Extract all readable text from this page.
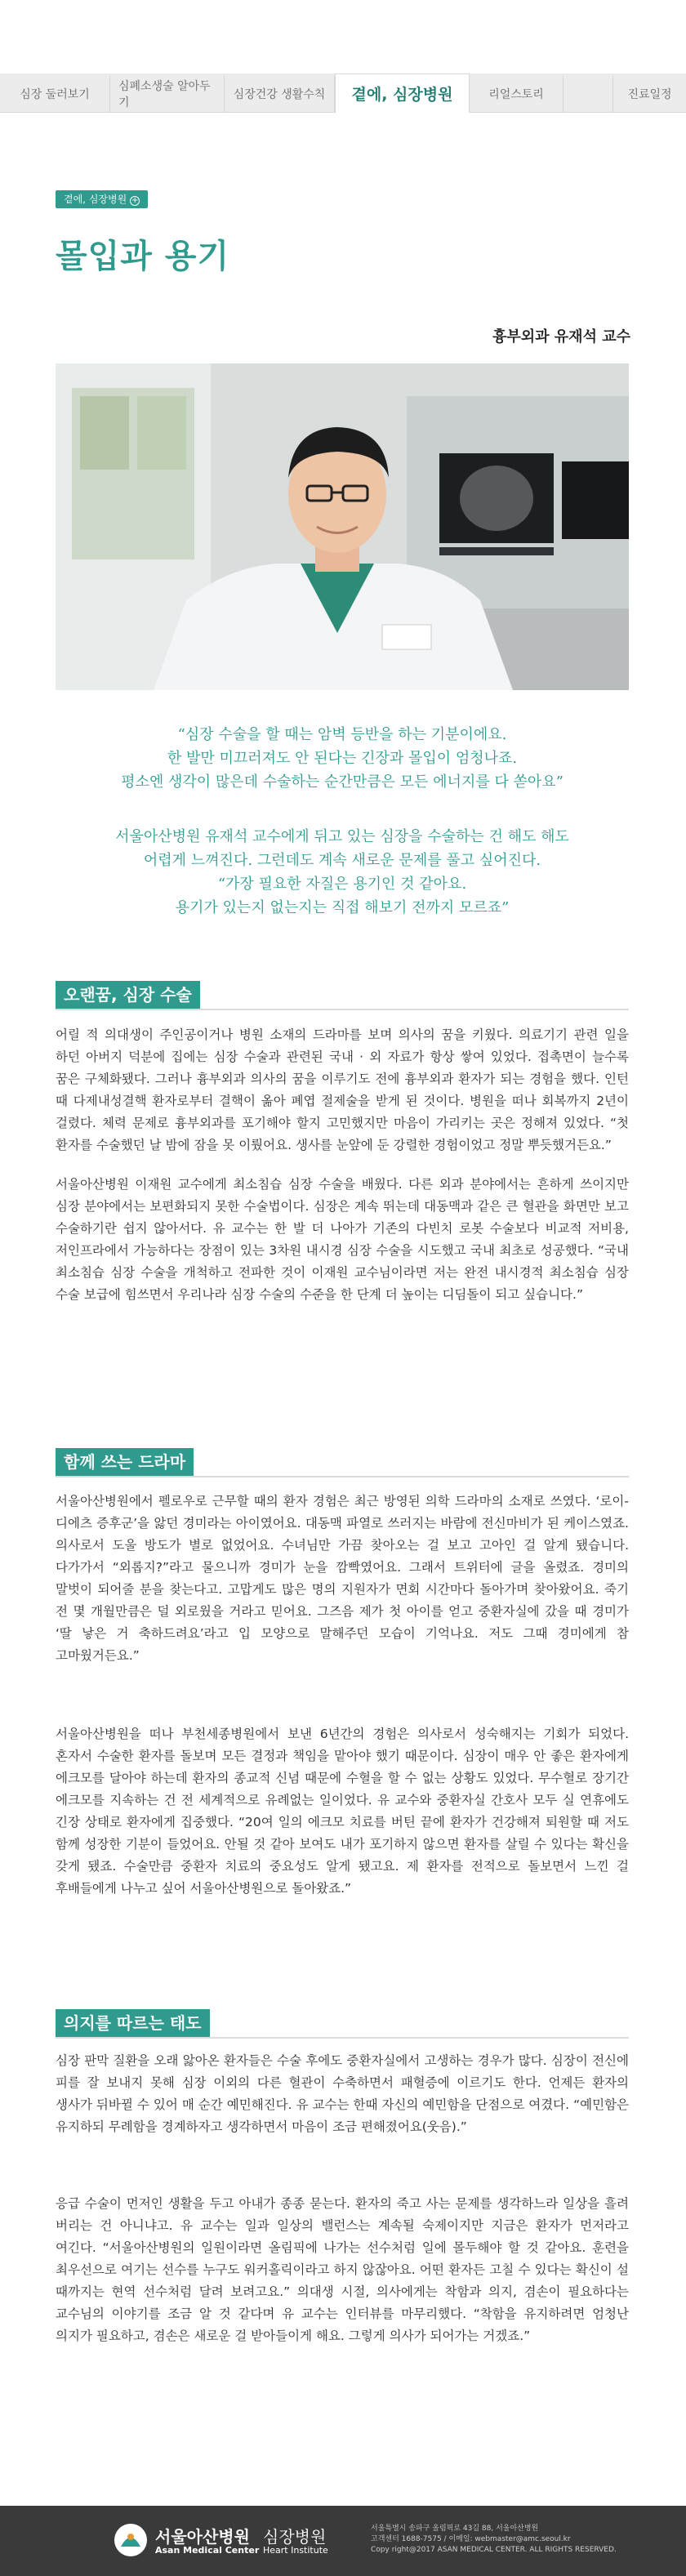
심장 둘러보기
심폐소생술 알아두기
심장건강 생활수칙	곁에, 심장병원	리얼스토리	진료일정
곁에, 심장병원 +
몰입과 용기
흉부외과 유재석 교수
“심장 수술을 할 때는 암벽 등반을 하는 기분이에요.
한 발만 미끄러져도 안 된다는 긴장과 몰입이 엄청나죠.
평소엔 생각이 많은데 수술하는 순간만큼은 모든 에너지를 다 쏟아요”
서울아산병원 유재석 교수에게 뒤고 있는 심장을 수술하는 건 해도 해도
어렵게 느껴진다. 그런데도 계속 새로운 문제를 풀고 싶어진다.
“가장 필요한 자질은 용기인 것 같아요.
용기가 있는지 없는지는 직접 해보기 전까지 모르죠”
오랜꿈, 심장 수술

어릴 적 의대생이 주인공이거나 병원 소재의 드라마를 보며 의사의 꿈을 키웠다. 의료기기 관련 일을 하던 아버지 덕분에 집에는 심장 수술과 관련된 국내 · 외 자료가 항상 쌓여 있었다. 접촉면이 늘수록 꿈은 구체화됐다. 그러나 흉부외과 의사의 꿈을 이루기도 전에 흉부외과 환자가 되는 경험을 했다. 인턴 때 다제내성결핵 환자로부터 결핵이 옮아 폐엽 절제술을 받게 된 것이다. 병원을 떠나 회복까지 2년이 걸렸다. 체력 문제로 흉부외과를 포기해야 할지 고민했지만 마음이 가리키는 곳은 정해져 있었다. “첫 환자를 수술했던 날 밤에 잠을 못 이뤘어요. 생사를 눈앞에 둔 강렬한 경험이었고 정말 뿌듯했거든요.”

서울아산병원 이재원 교수에게 최소침습 심장 수술을 배웠다. 다른 외과 분야에서는 흔하게 쓰이지만 심장 분야에서는 보편화되지 못한 수술법이다. 심장은 계속 뛰는데 대동맥과 같은 큰 혈관을 화면만 보고 수술하기란 쉽지 않아서다. 유 교수는 한 발 더 나아가 기존의 다빈치 로봇 수술보다 비교적 저비용, 저인프라에서 가능하다는 장점이 있는 3차원 내시경 심장 수술을 시도했고 국내 최초로 성공했다. “국내 최소침습 심장 수술을 개척하고 전파한 것이 이재원 교수님이라면 저는 완전 내시경적 최소침습 심장 수술 보급에 힘쓰면서 우리나라 심장 수술의 수준을 한 단계 더 높이는 디딤돌이 되고 싶습니다.”

함께 쓰는 드라마

서울아산병원에서 펠로우로 근무할 때의 환자 경험은 최근 방영된 의학 드라마의 소재로 쓰였다. ‘로이-디에츠 증후군’을 앓던 경미라는 아이였어요. 대동맥 파열로 쓰러지는 바람에 전신마비가 된 케이스였죠. 의사로서 도울 방도가 별로 없었어요. 수녀님만 가끔 찾아오는 걸 보고 고아인 걸 알게 됐습니다. 다가가서 “외롭지?”라고 물으니까 경미가 눈을 깜빡였어요. 그래서 트위터에 글을 올렸죠. 경미의 말벗이 되어줄 분을 찾는다고. 고맙게도 많은 명의 지원자가 면회 시간마다 돌아가며 찾아왔어요. 죽기 전 몇 개월만큼은 덜 외로웠을 거라고 믿어요. 그즈음 제가 첫 아이를 얻고 중환자실에 갔을 때 경미가 ‘딸 낳은 거 축하드려요’라고 입 모양으로 말해주던 모습이 기억나요. 저도 그때 경미에게 참 고마웠거든요.”

서울아산병원을 떠나 부천세종병원에서 보낸 6년간의 경험은 의사로서 성숙해지는 기회가 되었다. 혼자서 수술한 환자를 돌보며 모든 결정과 책임을 맡아야 했기 때문이다. 심장이 매우 안 좋은 환자에게 에크모를 달아야 하는데 환자의 종교적 신념 때문에 수혈을 할 수 없는 상황도 있었다. 무수혈로 장기간 에크모를 지속하는 건 전 세계적으로 유례없는 일이었다. 유 교수와 중환자실 간호사 모두 실 연휴에도 긴장 상태로 환자에게 집중했다. “20여 일의 에크모 치료를 버틴 끝에 환자가 건강해져 퇴원할 때 저도 함께 성장한 기분이 들었어요. 안될 것 같아 보여도 내가 포기하지 않으면 환자를 살릴 수 있다는 확신을 갖게 됐죠. 수술만큼 중환자 치료의 중요성도 알게 됐고요. 제 환자를 전적으로 돌보면서 느낀 걸 후배들에게 나누고 싶어 서울아산병원으로 돌아왔죠.”

의지를 따르는 태도

심장 판막 질환을 오래 앓아온 환자들은 수술 후에도 중환자실에서 고생하는 경우가 많다. 심장이 전신에 피를 잘 보내지 못해 심장 이외의 다른 혈관이 수축하면서 패혈증에 이르기도 한다. 언제든 환자의 생사가 뒤바뀔 수 있어 매 순간 예민해진다. 유 교수는 한때 자신의 예민함을 단점으로 여겼다. “예민함은 유지하되 무례함을 경계하자고 생각하면서 마음이 조금 편해졌어요(웃음).”

응급 수술이 먼저인 생활을 두고 아내가 종종 묻는다. 환자의 죽고 사는 문제를 생각하느라 일상을 흘려 버리는 건 아니냐고. 유 교수는 일과 일상의 밸런스는 계속될 숙제이지만 지금은 환자가 먼저라고 여긴다. “서울아산병원의 일원이라면 올림픽에 나가는 선수처럼 일에 몰두해야 할 것 같아요. 훈련을 최우선으로 여기는 선수를 누구도 워커홀릭이라고 하지 않잖아요. 어떤 환자든 고칠 수 있다는 확신이 설 때까지는 현역 선수처럼 달려 보려고요.” 의대생 시절, 의사에게는 착함과 의지, 겸손이 필요하다는 교수님의 이야기를 조금 알 것 같다며 유 교수는 인터뷰를 마무리했다. “착함을 유지하려면 엄청난 의지가 필요하고, 겸손은 새로운 걸 받아들이게 해요. 그렇게 의사가 되어가는 거겠죠.”

서울아산병원
Asan Medical Center
심장병원
Heart Institute
서울특별시 송파구 올림픽로 43길 88, 서울아산병원
고객센터 1688-7575 / 이메일: webmaster@amc.seoul.kr
Copy right@2017 ASAN MEDICAL CENTER. ALL RIGHTS RESERVED.
